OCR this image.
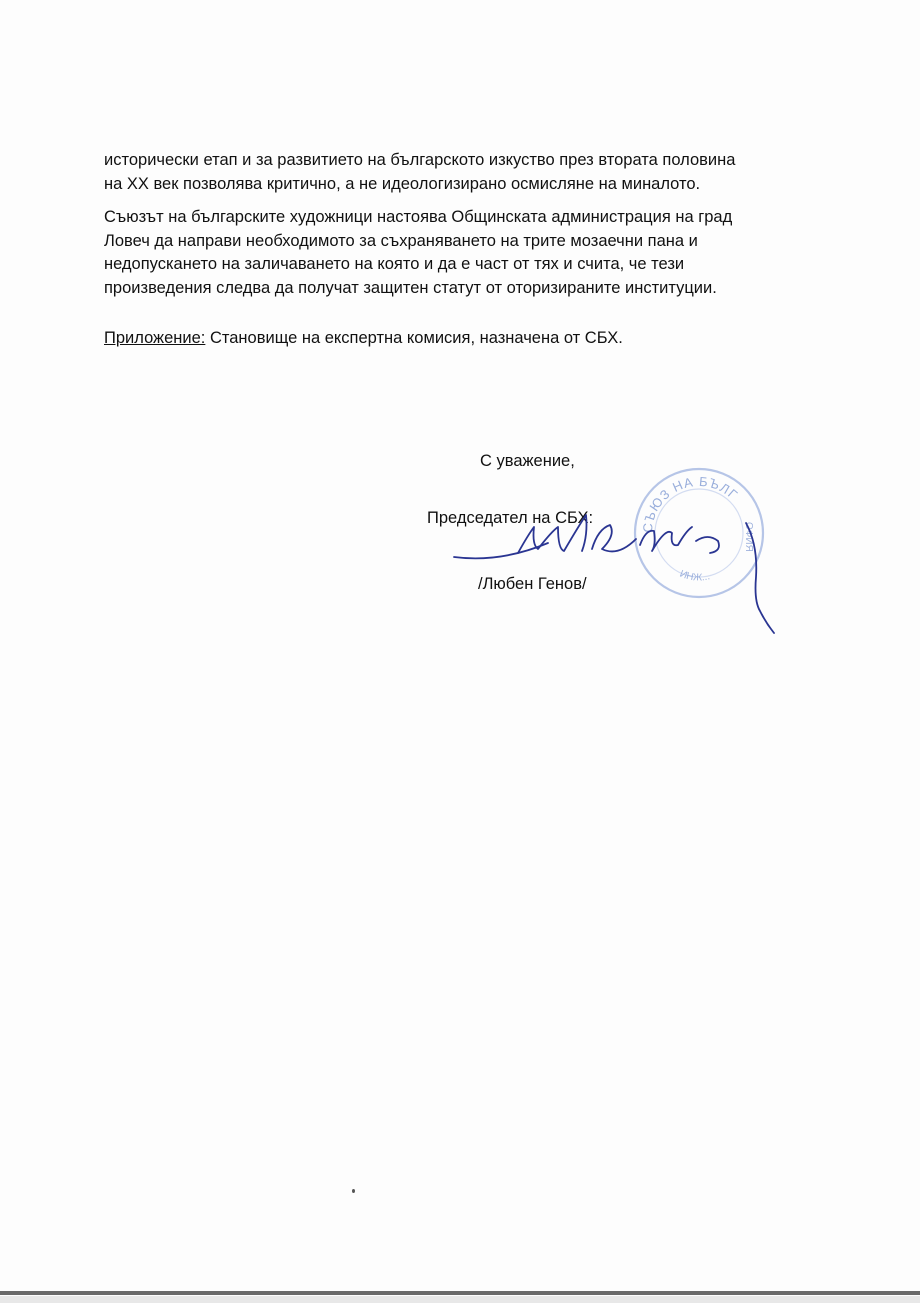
исторически етап и за развитието на българското изкуство през втората половина
на XX век позволява критично, а не идеологизирано осмисляне на миналото.

Съюзът на българските художници настоява Общинската администрация на град
Ловеч да направи необходимото за съхраняването на трите мозаечни пана и
недопускането на заличаването на която и да е част от тях и счита, че тези
произведения следва да получат защитен статут от оторизираните институции.

Приложение: Становище на експертна комисия, назначена от СБХ.

С уважение,
Председател на СБХ:
/Любен Генов/
СЪЮЗ НА БЪЛГ
ОФИЯ
ИНЖ...
